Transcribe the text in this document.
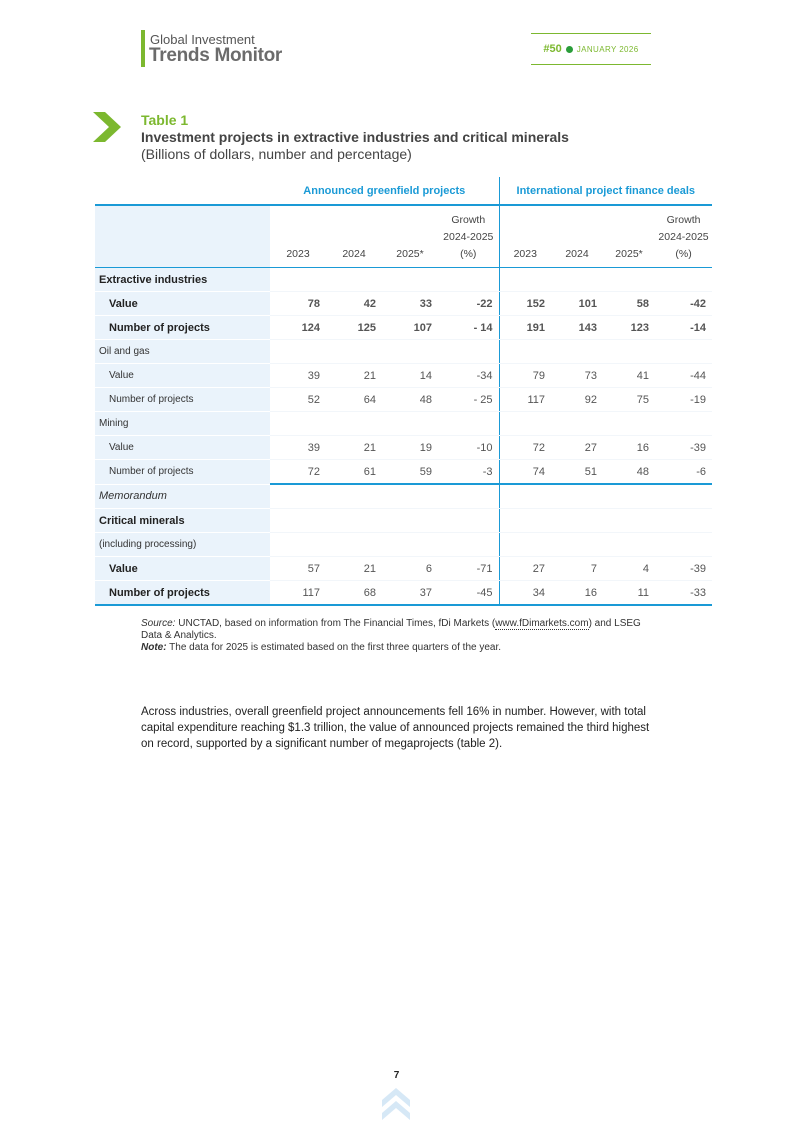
Global Investment
Trends Monitor	#50 JANUARY 2026
Table 1
Investment projects in extractive industries and critical minerals
(Billions of dollars, number and percentage)
	Announced greenfield projects				International project finance deals			
	2023	2024	2025*	Growth
2024-2025
(%)	2023	2024	2025*	Growth
2024-2025
(%)
Extractive industries								
Value	78	42	33	-22	152	101	58	-42
Number of projects	124	125	107	- 14	191	143	123	-14
Oil and gas								
Value	39	21	14	-34	79	73	41	-44
Number of projects	52	64	48	- 25	117	92	75	-19
Mining								
Value	39	21	19	-10	72	27	16	-39
Number of projects	72	61	59	-3	74	51	48	-6
Memorandum								
Critical minerals								
(including processing)								
Value	57	21	6	-71	27	7	4	-39
Number of projects	117	68	37	-45	34	16	11	-33
Source: UNCTAD, based on information from The Financial Times, fDi Markets (www.fDimarkets.com) and LSEG Data & Analytics.
Note: The data for 2025 is estimated based on the first three quarters of the year.
Across industries, overall greenfield project announcements fell 16% in number. However, with total capital expenditure reaching $1.3 trillion, the value of announced projects remained the third highest on record, supported by a significant number of megaprojects (table 2).
7
